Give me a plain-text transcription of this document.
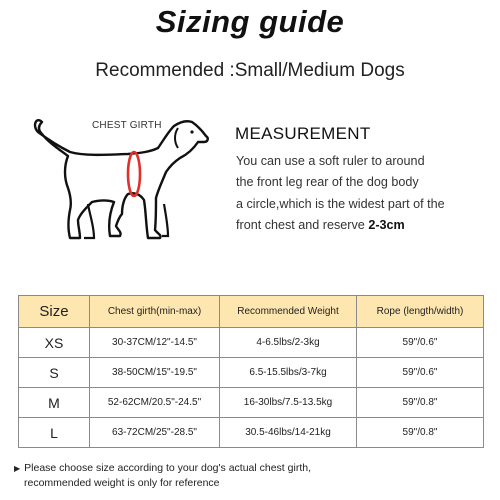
Sizing guide
Recommended :Small/Medium Dogs
CHEST GIRTH	MEASUREMENT
You can use a soft ruler to around
the front leg rear of the dog body
a circle,which is the widest part of the
front chest and reserve 2-3cm
Size	Chest girth(min-max)	Recommended Weight	Rope (length/width)
XS	30-37CM/12"-14.5"	4-6.5lbs/2-3kg	59"/0.6"
S	38-50CM/15"-19.5"	6.5-15.5lbs/3-7kg	59"/0.6"
M	52-62CM/20.5"-24.5"	16-30lbs/7.5-13.5kg	59"/0.8"
L	63-72CM/25"-28.5"	30.5-46lbs/14-21kg	59"/0.8"
▶ Please choose size according to your dog's actual chest girth,
recommended weight is only for reference
